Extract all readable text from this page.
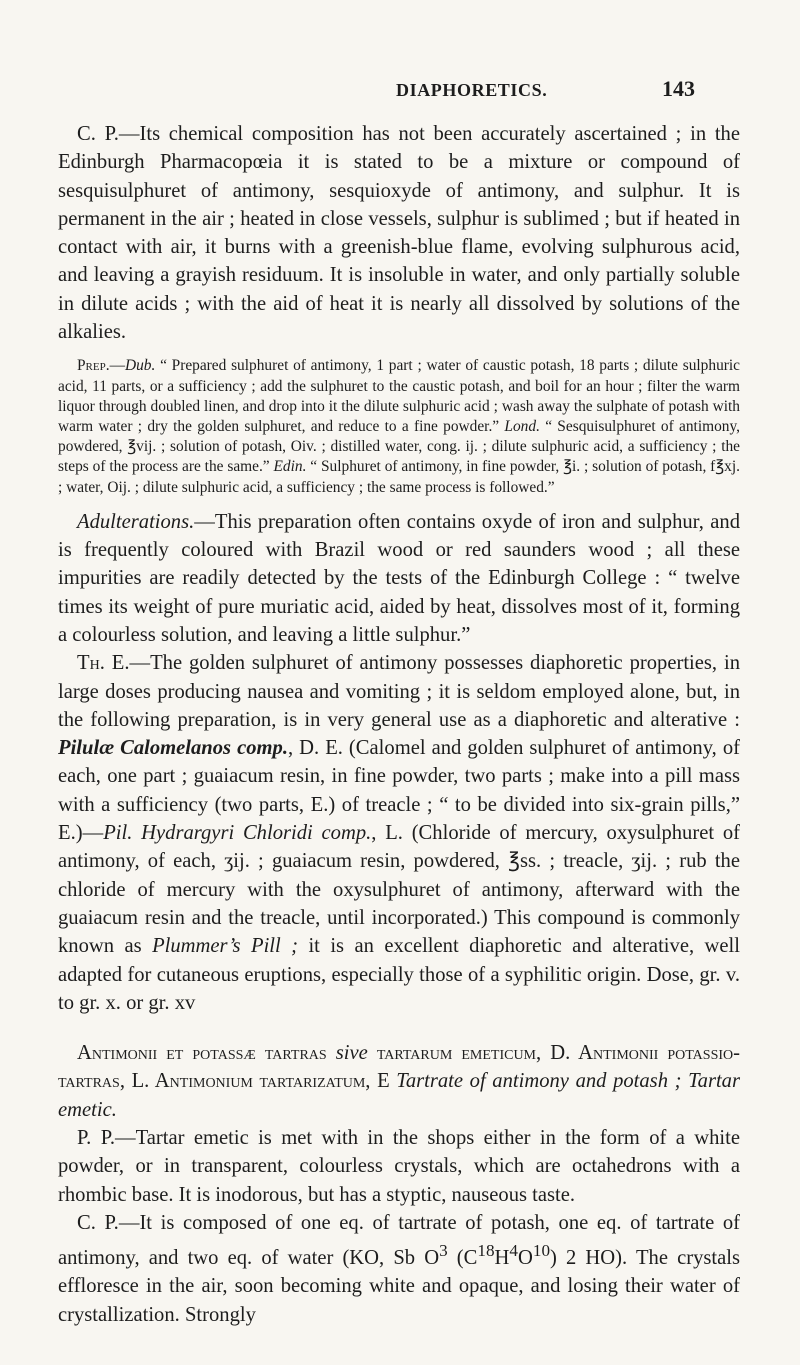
DIAPHORETICS.	143

C. P.—Its chemical composition has not been accurately ascertained ; in the Edinburgh Pharmacopœia it is stated to be a mixture or compound of sesquisulphuret of antimony, sesquioxyde of antimony, and sulphur. It is permanent in the air ; heated in close vessels, sulphur is sublimed ; but if heated in contact with air, it burns with a greenish-blue flame, evolving sulphurous acid, and leaving a grayish residuum. It is insoluble in water, and only partially soluble in dilute acids ; with the aid of heat it is nearly all dissolved by solutions of the alkalies.

Prep.—Dub. “ Prepared sulphuret of antimony, 1 part ; water of caustic potash, 18 parts ; dilute sulphuric acid, 11 parts, or a sufficiency ; add the sulphuret to the caustic potash, and boil for an hour ; filter the warm liquor through doubled linen, and drop into it the dilute sulphuric acid ; wash away the sulphate of potash with warm water ; dry the golden sulphuret, and reduce to a fine powder.” Lond. “ Sesquisulphuret of antimony, powdered, ℥vij. ; solution of potash, Oiv. ; distilled water, cong. ij. ; dilute sulphuric acid, a sufficiency ; the steps of the process are the same.” Edin. “ Sulphuret of antimony, in fine powder, ℥i. ; solution of potash, f℥xj. ; water, Oij. ; dilute sulphuric acid, a sufficiency ; the same process is followed.”

Adulterations.—This preparation often contains oxyde of iron and sulphur, and is frequently coloured with Brazil wood or red saunders wood ; all these impurities are readily detected by the tests of the Edinburgh College : “ twelve times its weight of pure muriatic acid, aided by heat, dissolves most of it, forming a colourless solution, and leaving a little sulphur.”

Th. E.—The golden sulphuret of antimony possesses diaphoretic properties, in large doses producing nausea and vomiting ; it is seldom employed alone, but, in the following preparation, is in very general use as a diaphoretic and alterative : Pilulæ Calomelanos comp., D. E. (Calomel and golden sulphuret of antimony, of each, one part ; guaiacum resin, in fine powder, two parts ; make into a pill mass with a sufficiency (two parts, E.) of treacle ; “ to be divided into six-grain pills,” E.)—Pil. Hydrargyri Chloridi comp., L. (Chloride of mercury, oxysulphuret of antimony, of each, ʒij. ; guaiacum resin, powdered, ℥ss. ; treacle, ʒij. ; rub the chloride of mercury with the oxysulphuret of antimony, afterward with the guaiacum resin and the treacle, until incorporated.) This compound is commonly known as Plummer’s Pill ; it is an excellent diaphoretic and alterative, well adapted for cutaneous eruptions, especially those of a syphilitic origin. Dose, gr. v. to gr. x. or gr. xv

Antimonii et potassæ tartras sive tartarum emeticum, D. Antimonii potassio-tartras, L. Antimonium tartarizatum, E Tartrate of antimony and potash ; Tartar emetic.

P. P.—Tartar emetic is met with in the shops either in the form of a white powder, or in transparent, colourless crystals, which are octahedrons with a rhombic base. It is inodorous, but has a styptic, nauseous taste.

C. P.—It is composed of one eq. of tartrate of potash, one eq. of tartrate of antimony, and two eq. of water (KO, Sb $O^3$ $(C^{18}H^4O^{10})$ 2 HO). The crystals effloresce in the air, soon becoming white and opaque, and losing their water of crystallization. Strongly
